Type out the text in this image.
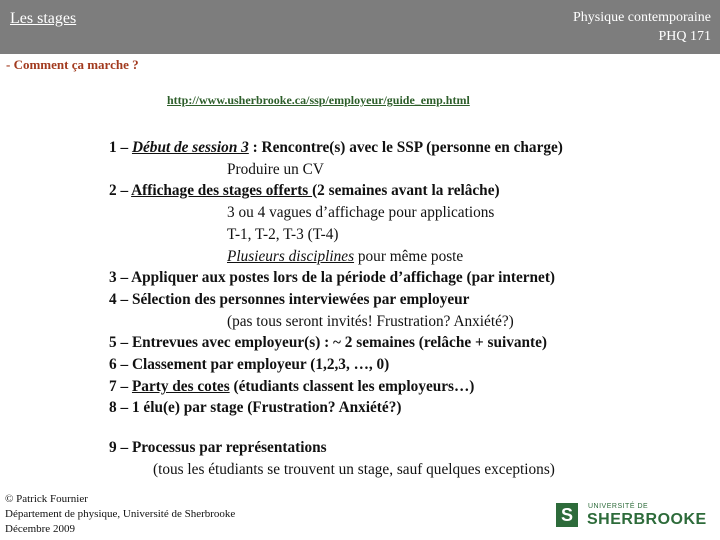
Les stages	Physique contemporaine
PHQ 171
- Comment ça marche ?
http://www.usherbrooke.ca/ssp/employeur/guide_emp.html
1 – Début de session 3 : Rencontre(s) avec le SSP (personne en charge)
Produire un CV
2 – Affichage des stages offerts (2 semaines avant la relâche)
3 ou 4 vagues d’affichage pour applications
T-1, T-2, T-3 (T-4)
Plusieurs disciplines pour même poste
3 – Appliquer aux postes lors de la période d’affichage (par internet)
4 – Sélection des personnes interviewées par employeur
(pas tous seront invités! Frustration? Anxiété?)
5 – Entrevues avec employeur(s) : ~ 2 semaines (relâche + suivante)
6 – Classement par employeur (1,2,3, …, 0)
7 – Party des cotes (étudiants classent les employeurs…)
8 – 1 élu(e) par stage (Frustration? Anxiété?)
9 – Processus par représentations
(tous les étudiants se trouvent un stage, sauf quelques exceptions)
© Patrick Fournier
Département de physique, Université de Sherbrooke
Décembre 2009
S	UNIVERSITÉ DE
SHERBROOKE
